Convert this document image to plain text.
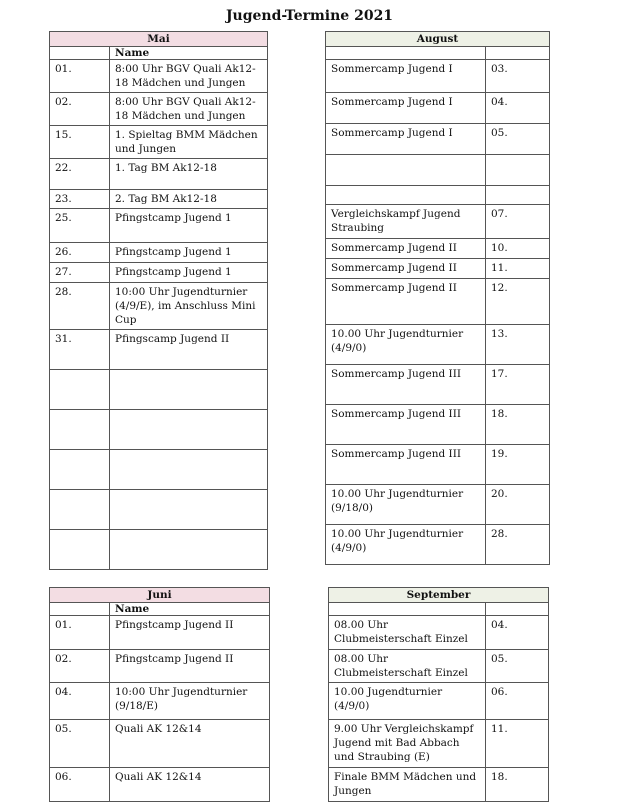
Jugend-Termine 2021
Mai	
	Name
01.	8:00 Uhr BGV Quali Ak12-18 Mädchen und Jungen
02.	8:00 Uhr BGV Quali Ak12-18 Mädchen und Jungen
15.	1. Spieltag BMM Mädchen und Jungen
22.	1. Tag BM Ak12-18
23.	2. Tag BM Ak12-18
25.	Pfingstcamp Jugend 1
26.	Pfingstcamp Jugend 1
27.	Pfingstcamp Jugend 1
28.	10:00 Uhr Jugendturnier (4/9/E), im Anschluss Mini Cup
31.	Pfingscamp Jugend II

August	

Sommercamp Jugend I	03.
Sommercamp Jugend I	04.
Sommercamp Jugend I	05.

Vergleichskampf Jugend Straubing	07.
Sommercamp Jugend II	10.
Sommercamp Jugend II	11.
Sommercamp Jugend II	12.
10.00 Uhr Jugendturnier (4/9/0)	13.
Sommercamp Jugend III	17.
Sommercamp Jugend III	18.
Sommercamp Jugend III	19.
10.00 Uhr Jugendturnier (9/18/0)	20.
10.00 Uhr Jugendturnier (4/9/0)	28.
Juni	
	Name
01.	Pfingstcamp Jugend II
02.	Pfingstcamp Jugend II
04.	10:00 Uhr Jugendturnier (9/18/E)
05.	Quali AK 12&14
06.	Quali AK 12&14
September	

08.00 Uhr Clubmeisterschaft Einzel	04.
08.00 Uhr Clubmeisterschaft Einzel	05.
10.00 Jugendturnier (4/9/0)	06.
9.00 Uhr Vergleichskampf Jugend mit Bad Abbach und Straubing (E)	11.
Finale BMM Mädchen und Jungen	18.
